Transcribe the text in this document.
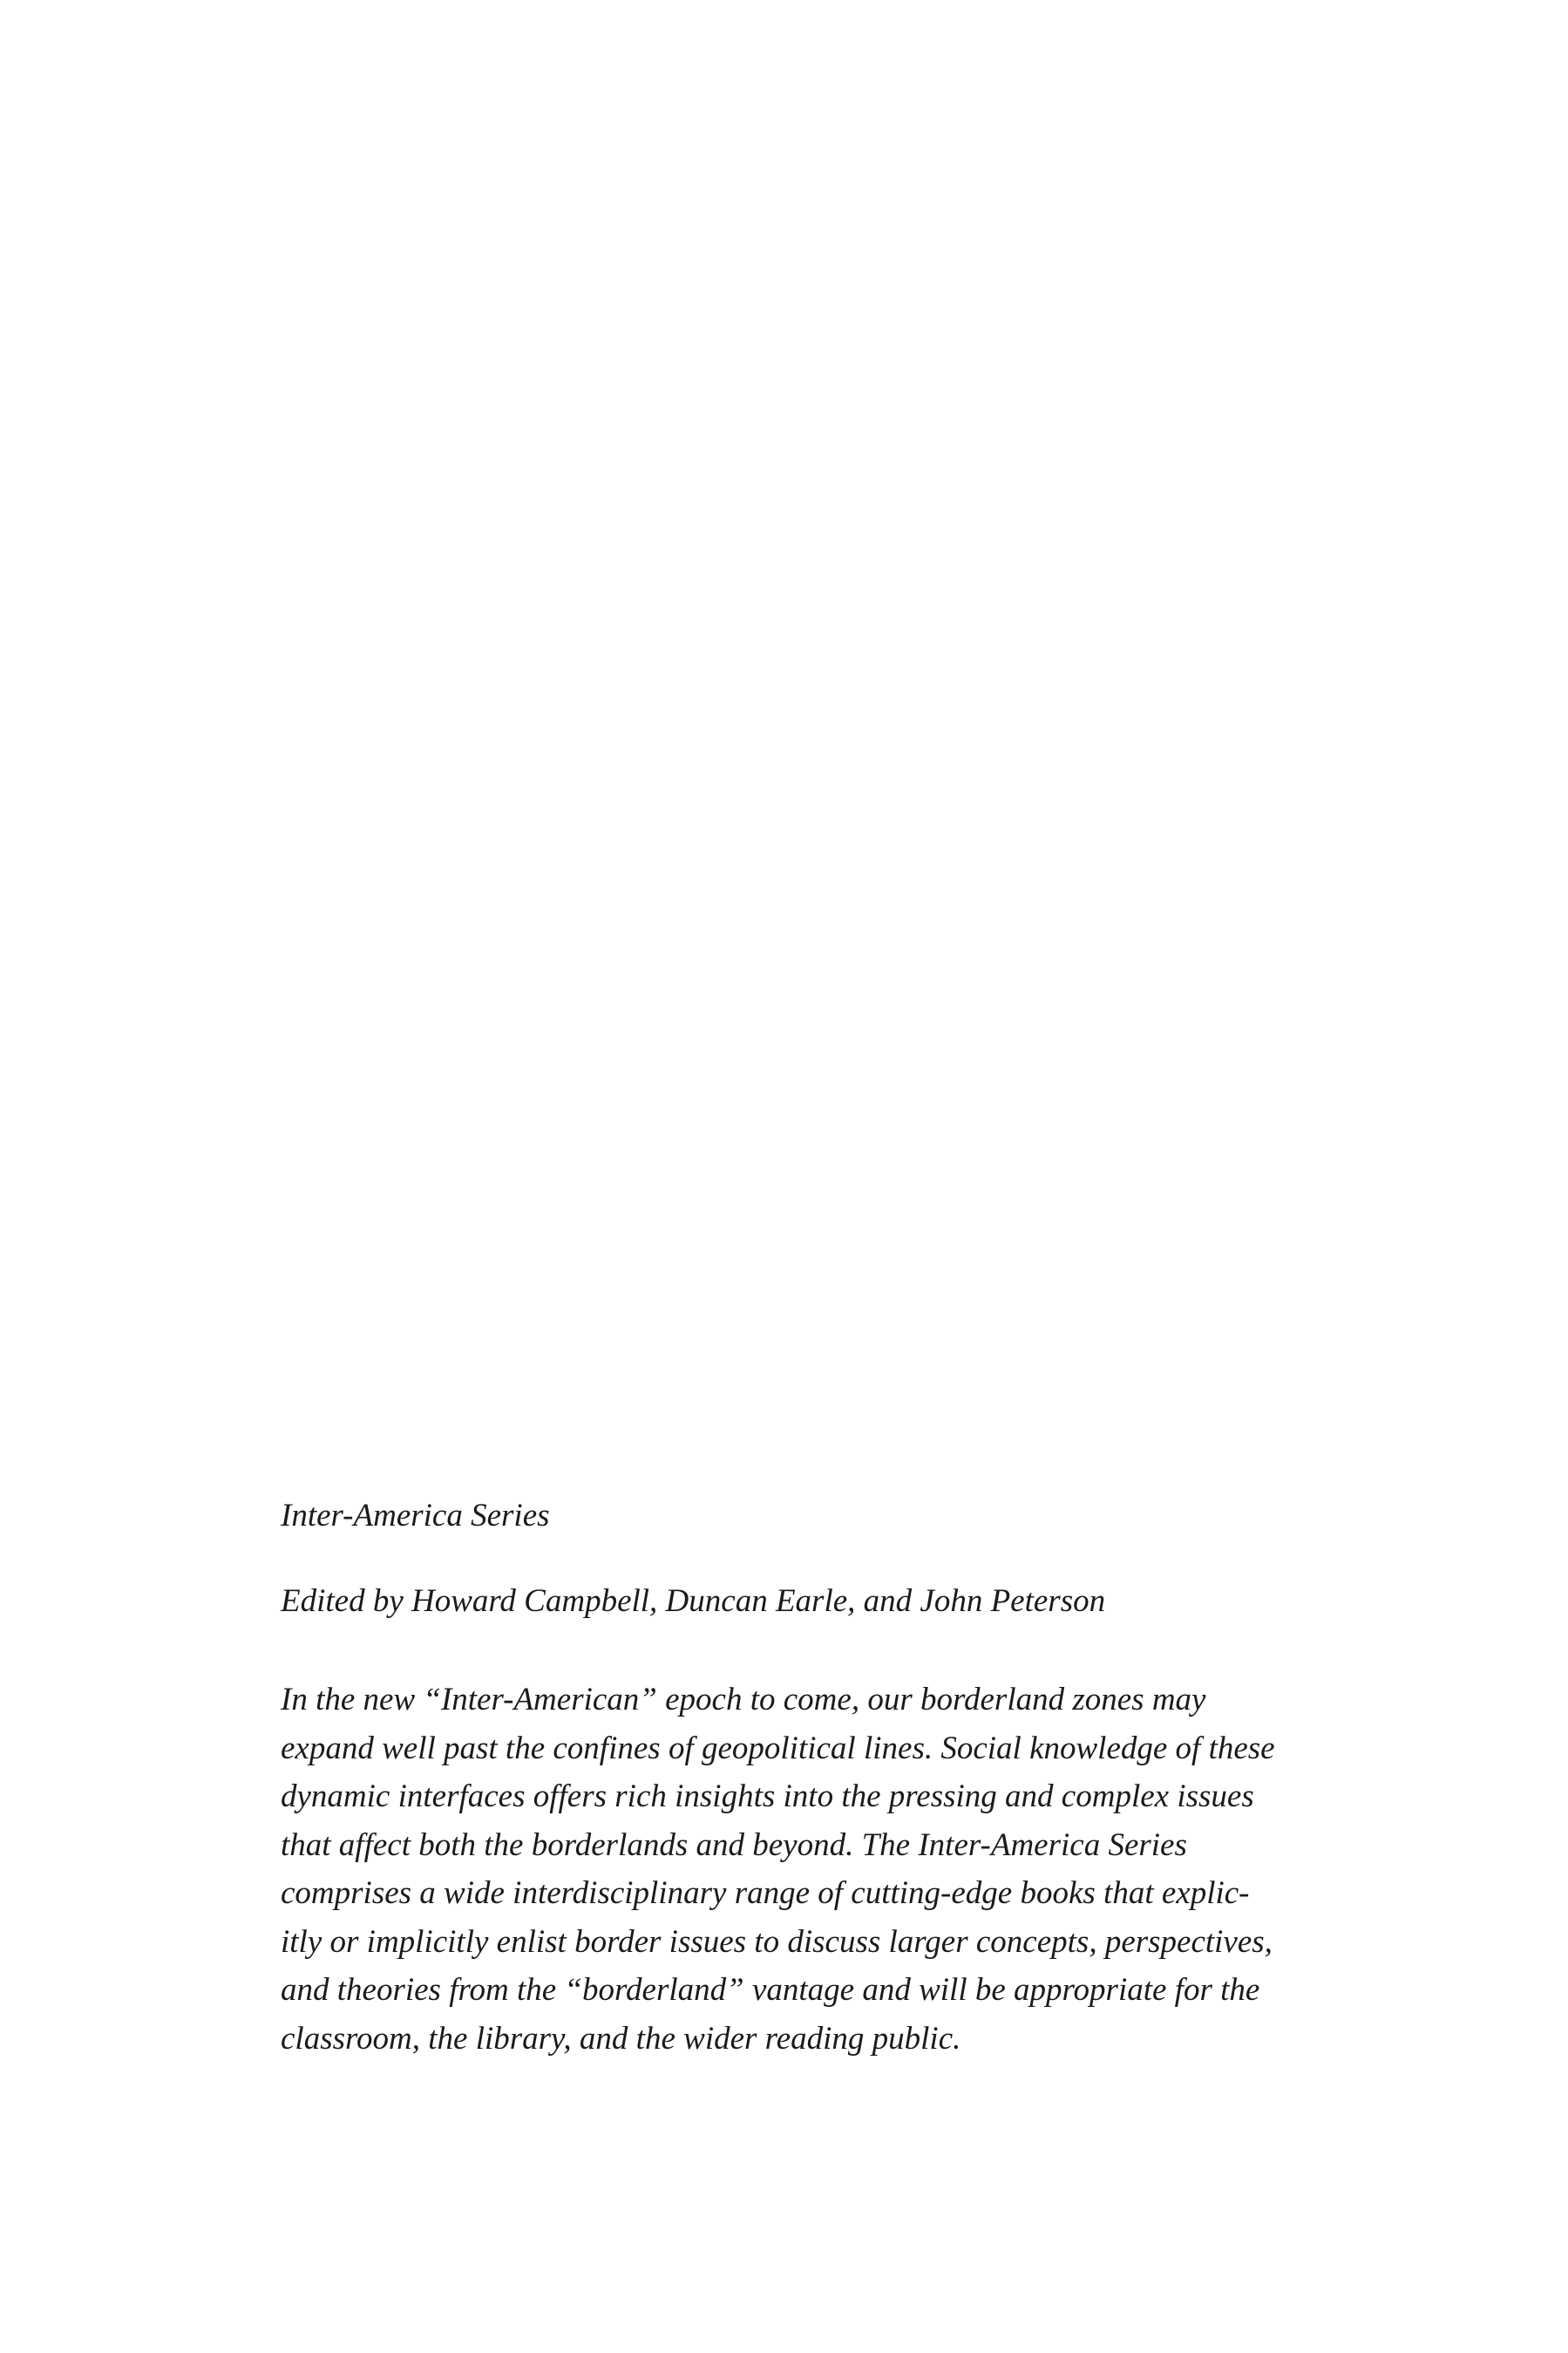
Inter-America Series

Edited by Howard Campbell, Duncan Earle, and John Peterson

In the new “Inter-American” epoch to come, our borderland zones may
expand well past the confines of geopolitical lines. Social knowledge of these
dynamic interfaces offers rich insights into the pressing and complex issues
that affect both the borderlands and beyond. The Inter-America Series
comprises a wide interdisciplinary range of cutting-edge books that explic-
itly or implicitly enlist border issues to discuss larger concepts, perspectives,
and theories from the “borderland” vantage and will be appropriate for the
classroom, the library, and the wider reading public.
